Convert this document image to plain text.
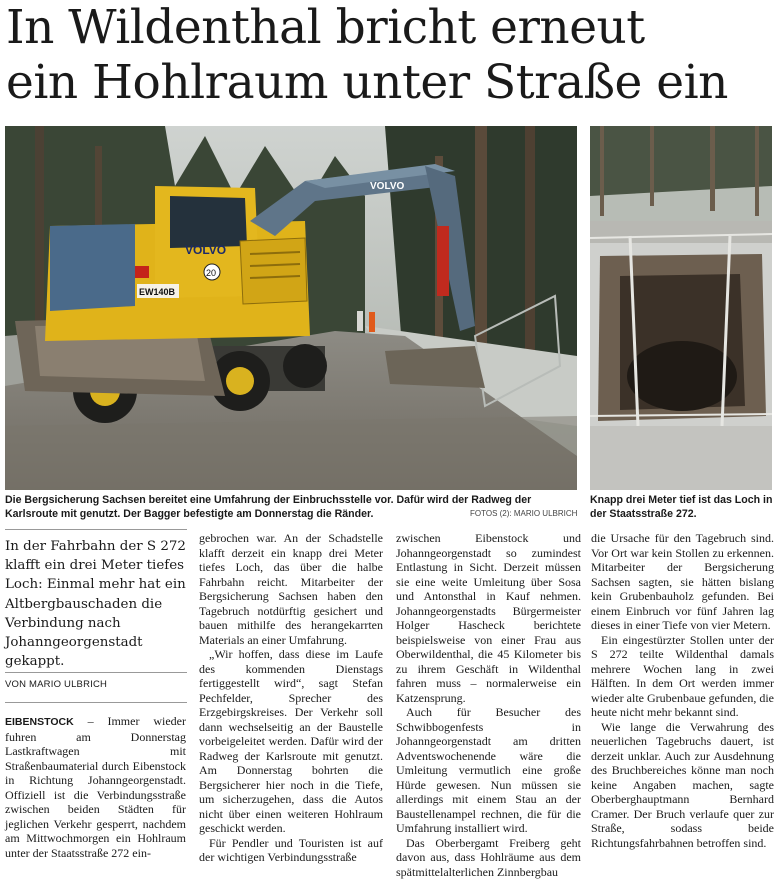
In Wildenthal bricht erneut
ein Hohlraum unter Straße ein
VOLVO
20
EW140B
VOLVO
Die Bergsicherung Sachsen bereitet eine Umfahrung der Einbruchsstelle vor. Dafür wird der Radweg der Karlsroute mit genutzt. Der Bagger befestigte am Donnerstag die Ränder.	FOTOS (2): MARIO ULBRICH
Knapp drei Meter tief ist das Loch in der Staatsstraße 272.

In der Fahrbahn der S 272 klafft ein drei Meter tiefes Loch: Einmal mehr hat ein Altbergbauschaden die Verbindung nach Johanngeorgenstadt gekappt.

VON MARIO ULBRICH

EIBENSTOCK – Immer wieder fuhren am Donnerstag Lastkraftwagen mit Straßenbaumaterial durch Eibenstock in Richtung Johanngeorgenstadt. Offiziell ist die Verbindungsstraße zwischen beiden Städten für jeglichen Verkehr gesperrt, nachdem am Mittwochmorgen ein Hohlraum unter der Staatsstraße 272 ein-

gebrochen war. An der Schadstelle klafft derzeit ein knapp drei Meter tiefes Loch, das über die halbe Fahrbahn reicht. Mitarbeiter der Bergsicherung Sachsen haben den Tagebruch notdürftig gesichert und bauen mithilfe des herangekarrten Materials an einer Umfahrung.

„Wir hoffen, dass diese im Laufe des kommenden Dienstags fertiggestellt wird“, sagt Stefan Pechfelder, Sprecher des Erzgebirgskreises. Der Verkehr soll dann wechselseitig an der Baustelle vorbeigeleitet werden. Dafür wird der Radweg der Karlsroute mit genutzt. Am Donnerstag bohrten die Bergsicherer hier noch in die Tiefe, um sicherzugehen, dass die Autos nicht über einen weiteren Hohlraum geschickt werden.

Für Pendler und Touristen ist auf der wichtigen Verbindungsstraße

zwischen Eibenstock und Johanngeorgenstadt so zumindest Entlastung in Sicht. Derzeit müssen sie eine weite Umleitung über Sosa und Antonsthal in Kauf nehmen. Johanngeorgenstadts Bürgermeister Holger Hascheck berichtete beispielsweise von einer Frau aus Oberwildenthal, die 45 Kilometer bis zu ihrem Geschäft in Wildenthal fahren muss – normalerweise ein Katzensprung.

Auch für Besucher des Schwibbogenfests in Johanngeorgenstadt am dritten Adventswochenende wäre die Umleitung vermutlich eine große Hürde gewesen. Nun müssen sie allerdings mit einem Stau an der Baustellenampel rechnen, die für die Umfahrung installiert wird.

Das Oberbergamt Freiberg geht davon aus, dass Hohlräume aus dem spätmittelalterlichen Zinnbergbau

die Ursache für den Tagebruch sind. Vor Ort war kein Stollen zu erkennen. Mitarbeiter der Bergsicherung Sachsen sagten, sie hätten bislang kein Grubenbauholz gefunden. Bei einem Einbruch vor fünf Jahren lag dieses in einer Tiefe von vier Metern.

Ein eingestürzter Stollen unter der S 272 teilte Wildenthal damals mehrere Wochen lang in zwei Hälften. In dem Ort werden immer wieder alte Grubenbaue gefunden, die heute nicht mehr bekannt sind.

Wie lange die Verwahrung des neuerlichen Tagebruchs dauert, ist derzeit unklar. Auch zur Ausdehnung des Bruchbereiches könne man noch keine Angaben machen, sagte Oberberghauptmann Bernhard Cramer. Der Bruch verlaufe quer zur Straße, sodass beide Richtungsfahrbahnen betroffen sind.
